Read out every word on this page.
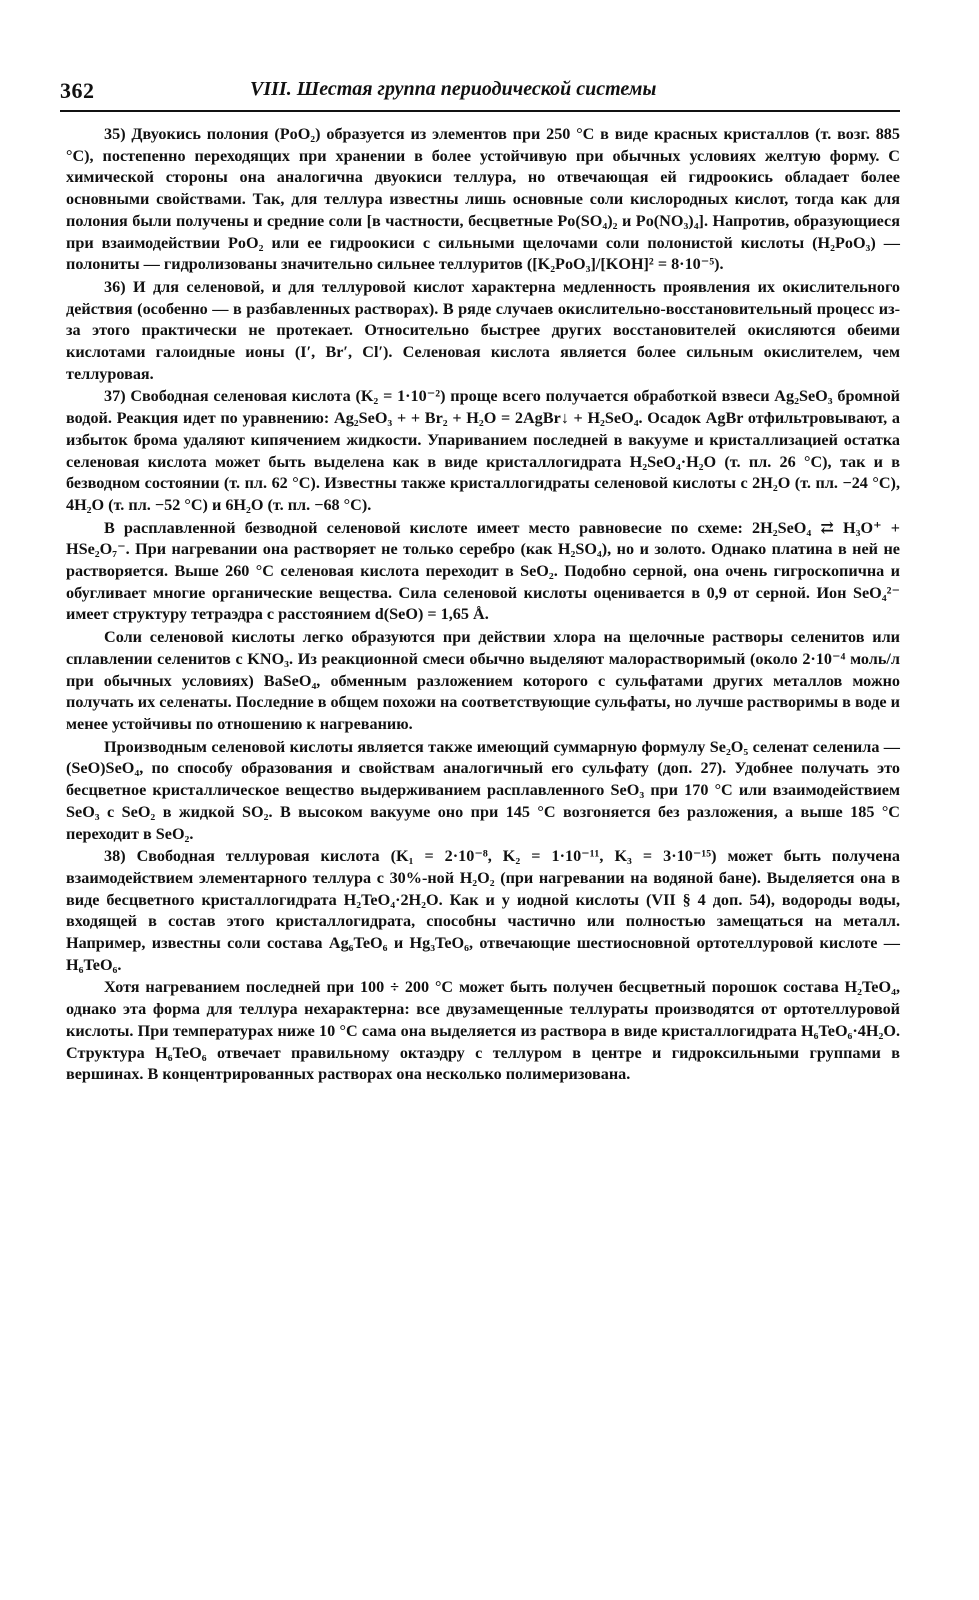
362	VIII. Шестая группа периодической системы

35) Двуокись полония (PoO₂) образуется из элементов при 250 °C в виде красных кристаллов (т. возг. 885 °C), постепенно переходящих при хранении в более устойчивую при обычных условиях желтую форму. С химической стороны она аналогична двуокиси теллура, но отвечающая ей гидроокись обладает более основными свойствами. Так, для теллура известны лишь основные соли кислородных кислот, тогда как для полония были получены и средние соли [в частности, бесцветные Po(SO₄)₂ и Po(NO₃)₄]. Напротив, образующиеся при взаимодействии PoO₂ или ее гидроокиси с сильными щелочами соли полонистой кислоты (H₂PoO₃) — полониты — гидролизованы значительно сильнее теллуритов ([K₂PoO₃]/[KOH]² = 8·10⁻⁵).

36) И для селеновой, и для теллуровой кислот характерна медленность проявления их окислительного действия (особенно — в разбавленных растворах). В ряде случаев окислительно-восстановительный процесс из-за этого практически не протекает. Относительно быстрее других восстановителей окисляются обеими кислотами галоидные ионы (I′, Br′, Cl′). Селеновая кислота является более сильным окислителем, чем теллуровая.

37) Свободная селеновая кислота (K₂ = 1·10⁻²) проще всего получается обработкой взвеси Ag₂SeO₃ бромной водой. Реакция идет по уравнению: Ag₂SeO₃ + + Br₂ + H₂O = 2AgBr↓ + H₂SeO₄. Осадок AgBr отфильтровывают, а избыток брома удаляют кипячением жидкости. Упариванием последней в вакууме и кристаллизацией остатка селеновая кислота может быть выделена как в виде кристаллогидрата H₂SeO₄·H₂O (т. пл. 26 °C), так и в безводном состоянии (т. пл. 62 °C). Известны также кристаллогидраты селеновой кислоты с 2H₂O (т. пл. −24 °C), 4H₂O (т. пл. −52 °C) и 6H₂O (т. пл. −68 °C).

В расплавленной безводной селеновой кислоте имеет место равновесие по схеме: 2H₂SeO₄ ⇄ H₃O⁺ + HSe₂O₇⁻. При нагревании она растворяет не только серебро (как H₂SO₄), но и золото. Однако платина в ней не растворяется. Выше 260 °C селеновая кислота переходит в SeO₂. Подобно серной, она очень гигроскопична и обугливает многие органические вещества. Сила селеновой кислоты оценивается в 0,9 от серной. Ион SeO₄²⁻ имеет структуру тетраэдра с расстоянием d(SeO) = 1,65 Å.

Соли селеновой кислоты легко образуются при действии хлора на щелочные растворы селенитов или сплавлении селенитов с KNO₃. Из реакционной смеси обычно выделяют малорастворимый (около 2·10⁻⁴ моль/л при обычных условиях) BaSeO₄, обменным разложением которого с сульфатами других металлов можно получать их селенаты. Последние в общем похожи на соответствующие сульфаты, но лучше растворимы в воде и менее устойчивы по отношению к нагреванию.

Производным селеновой кислоты является также имеющий суммарную формулу Se₂O₅ селенат селенила — (SeO)SeO₄, по способу образования и свойствам аналогичный его сульфату (доп. 27). Удобнее получать это бесцветное кристаллическое вещество выдерживанием расплавленного SeO₃ при 170 °C или взаимодействием SeO₃ с SeO₂ в жидкой SO₂. В высоком вакууме оно при 145 °C возгоняется без разложения, а выше 185 °C переходит в SeO₂.

38) Свободная теллуровая кислота (K₁ = 2·10⁻⁸, K₂ = 1·10⁻¹¹, K₃ = 3·10⁻¹⁵) может быть получена взаимодействием элементарного теллура с 30%-ной H₂O₂ (при нагревании на водяной бане). Выделяется она в виде бесцветного кристаллогидрата H₂TeO₄·2H₂O. Как и у иодной кислоты (VII § 4 доп. 54), водороды воды, входящей в состав этого кристаллогидрата, способны частично или полностью замещаться на металл. Например, известны соли состава Ag₆TeO₆ и Hg₃TeO₆, отвечающие шестиосновной ортотеллуровой кислоте — H₆TeO₆.

Хотя нагреванием последней при 100 ÷ 200 °C может быть получен бесцветный порошок состава H₂TeO₄, однако эта форма для теллура нехарактерна: все двузамещенные теллураты производятся от ортотеллуровой кислоты. При температурах ниже 10 °C сама она выделяется из раствора в виде кристаллогидрата H₆TeO₆·4H₂O. Структура H₆TeO₆ отвечает правильному октаэдру с теллуром в центре и гидроксильными группами в вершинах. В концентрированных растворах она несколько полимеризована.
